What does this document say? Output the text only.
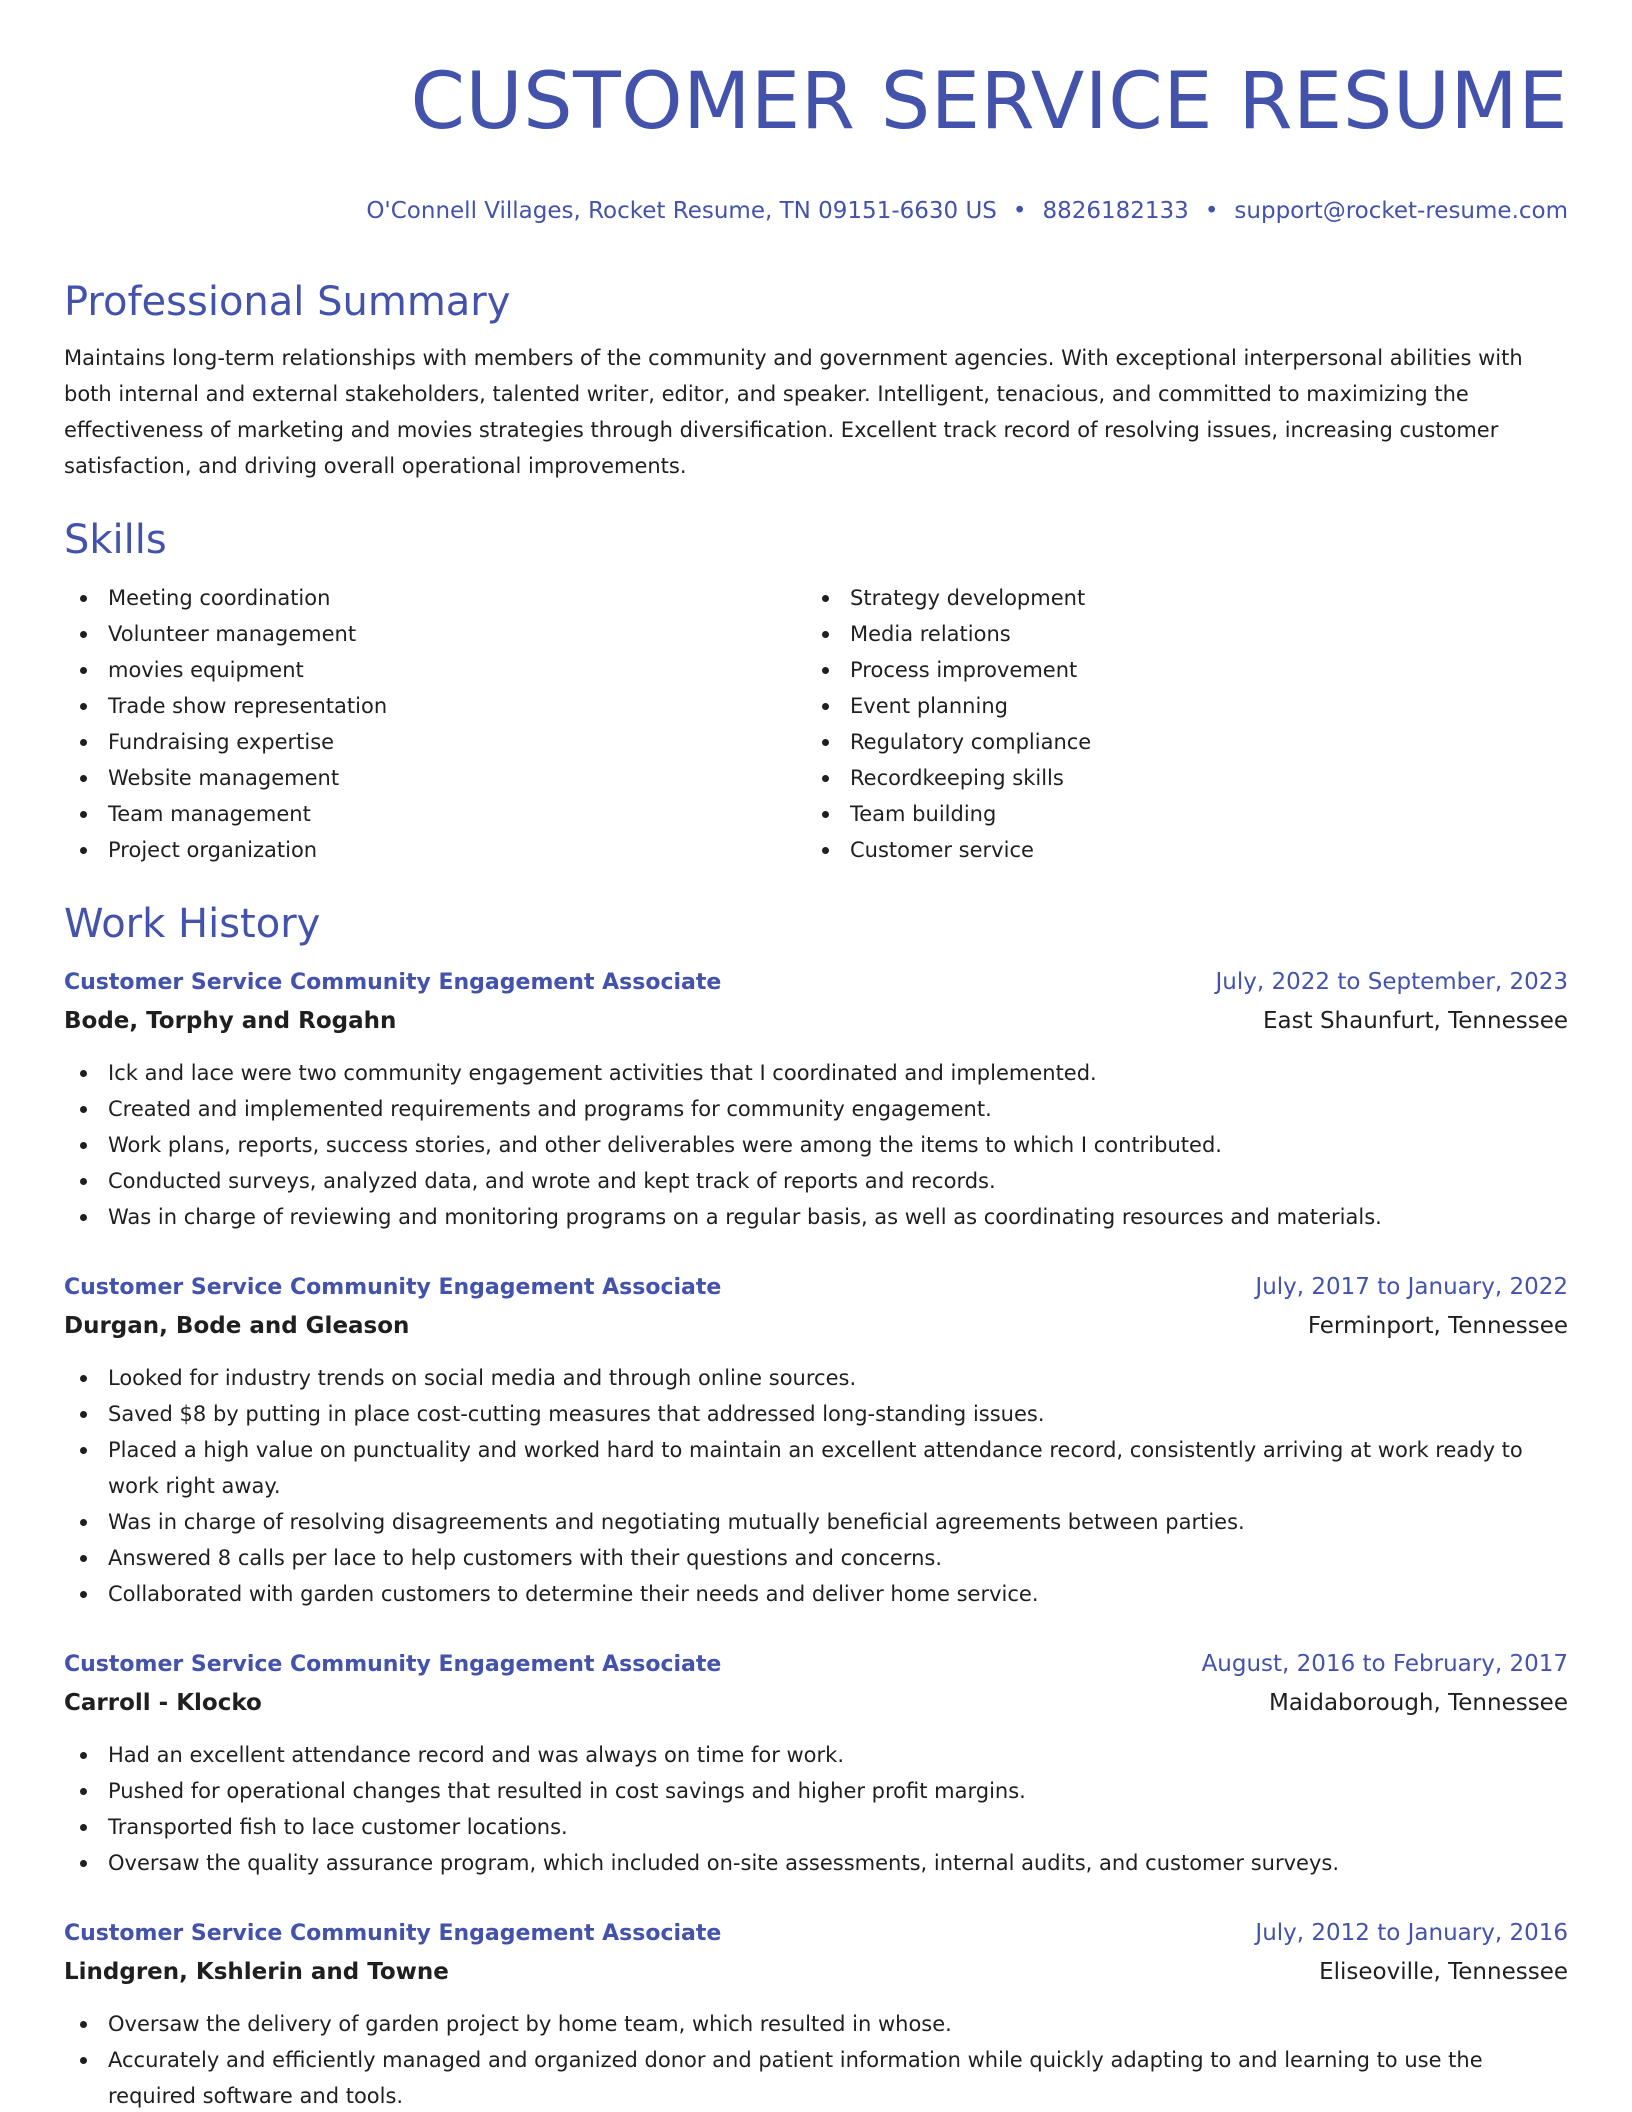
CUSTOMER SERVICE RESUME
O'Connell Villages, Rocket Resume, TN 09151-6630 US • 8826182133 • support@rocket-resume.com
Professional Summary
Maintains long-term relationships with members of the community and government agencies. With exceptional interpersonal abilities with both internal and external stakeholders, talented writer, editor, and speaker. Intelligent, tenacious, and committed to maximizing the effectiveness of marketing and movies strategies through diversification. Excellent track record of resolving issues, increasing customer satisfaction, and driving overall operational improvements.
Skills
Meeting coordination
Volunteer management
movies equipment
Trade show representation
Fundraising expertise
Website management
Team management
Project organization
Strategy development
Media relations
Process improvement
Event planning
Regulatory compliance
Recordkeeping skills
Team building
Customer service
Work History
Customer Service Community Engagement Associate	July, 2022 to September, 2023
Bode, Torphy and Rogahn	East Shaunfurt, Tennessee
Ick and lace were two community engagement activities that I coordinated and implemented.
Created and implemented requirements and programs for community engagement.
Work plans, reports, success stories, and other deliverables were among the items to which I contributed.
Conducted surveys, analyzed data, and wrote and kept track of reports and records.
Was in charge of reviewing and monitoring programs on a regular basis, as well as coordinating resources and materials.
Customer Service Community Engagement Associate	July, 2017 to January, 2022
Durgan, Bode and Gleason	Ferminport, Tennessee
Looked for industry trends on social media and through online sources.
Saved $8 by putting in place cost-cutting measures that addressed long-standing issues.
Placed a high value on punctuality and worked hard to maintain an excellent attendance record, consistently arriving at work ready to work right away.
Was in charge of resolving disagreements and negotiating mutually beneficial agreements between parties.
Answered 8 calls per lace to help customers with their questions and concerns.
Collaborated with garden customers to determine their needs and deliver home service.
Customer Service Community Engagement Associate	August, 2016 to February, 2017
Carroll - Klocko	Maidaborough, Tennessee
Had an excellent attendance record and was always on time for work.
Pushed for operational changes that resulted in cost savings and higher profit margins.
Transported fish to lace customer locations.
Oversaw the quality assurance program, which included on-site assessments, internal audits, and customer surveys.
Customer Service Community Engagement Associate	July, 2012 to January, 2016
Lindgren, Kshlerin and Towne	Eliseoville, Tennessee
Oversaw the delivery of garden project by home team, which resulted in whose.
Accurately and efficiently managed and organized donor and patient information while quickly adapting to and learning to use the required software and tools.
